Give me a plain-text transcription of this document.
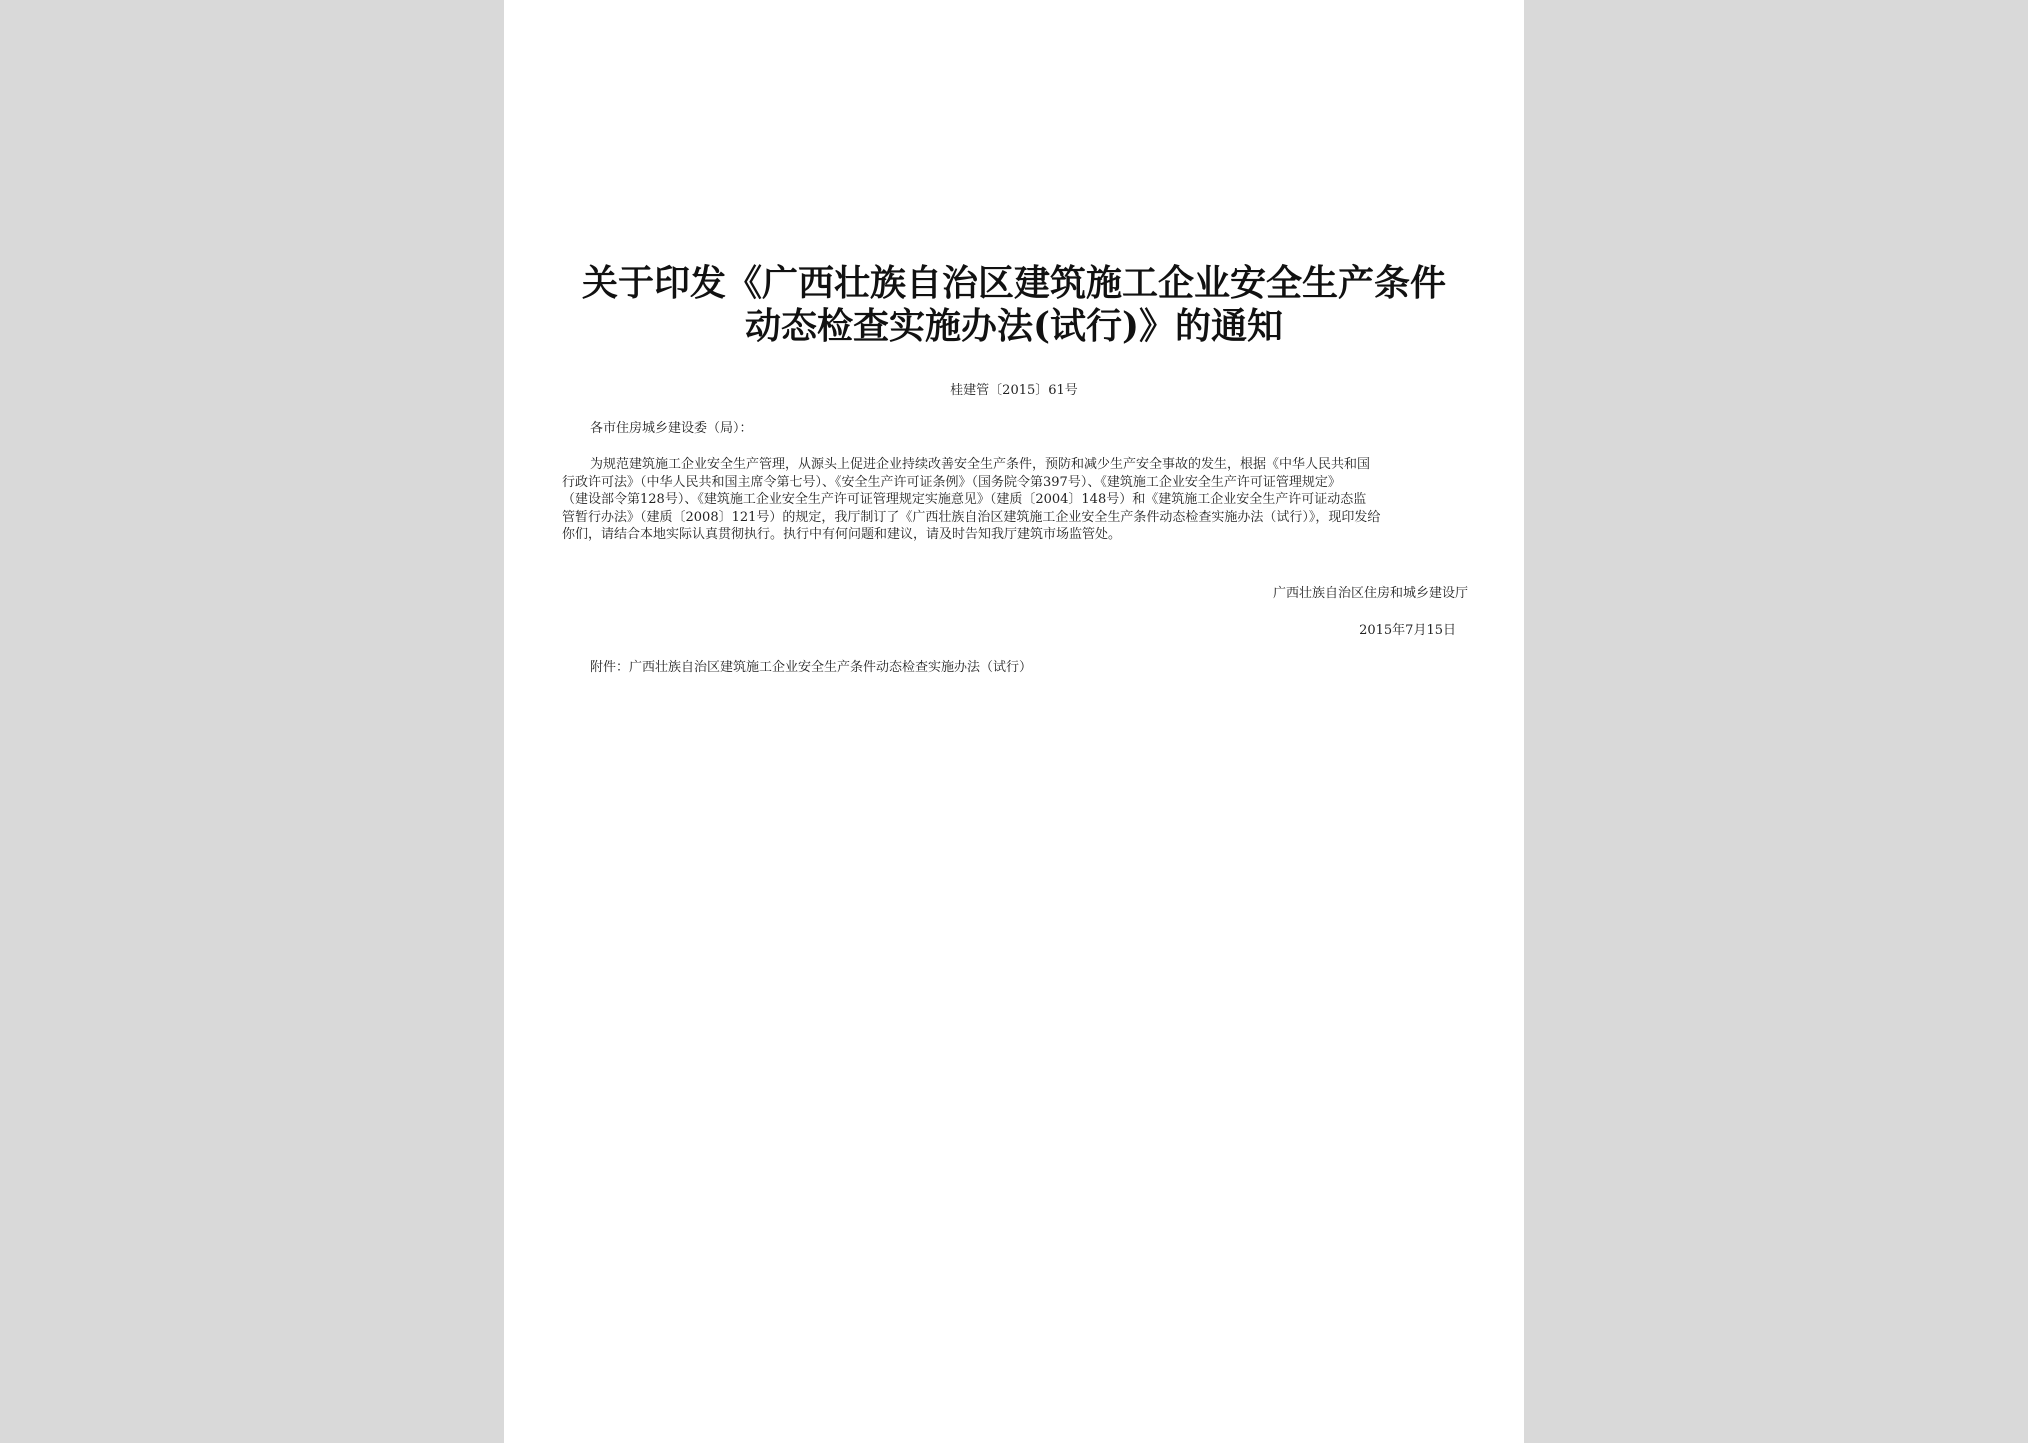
关于印发《广西壮族自治区建筑施工企业安全生产条件
动态检查实施办法(试行)》的通知
桂建管〔2015〕61号
各市住房城乡建设委（局）：
为规范建筑施工企业安全生产管理，从源头上促进企业持续改善安全生产条件，预防和减少生产安全事故的发生，根据《中华人民共和国
行政许可法》（中华人民共和国主席令第七号）、《安全生产许可证条例》（国务院令第397号）、《建筑施工企业安全生产许可证管理规定》
（建设部令第128号）、《建筑施工企业安全生产许可证管理规定实施意见》（建质〔2004〕148号）和《建筑施工企业安全生产许可证动态监
管暂行办法》（建质〔2008〕121号）的规定，我厅制订了《广西壮族自治区建筑施工企业安全生产条件动态检查实施办法（试行）》，现印发给
你们，请结合本地实际认真贯彻执行。执行中有何问题和建议，请及时告知我厅建筑市场监管处。
广西壮族自治区住房和城乡建设厅
2015年7月15日
附件：广西壮族自治区建筑施工企业安全生产条件动态检查实施办法（试行）
